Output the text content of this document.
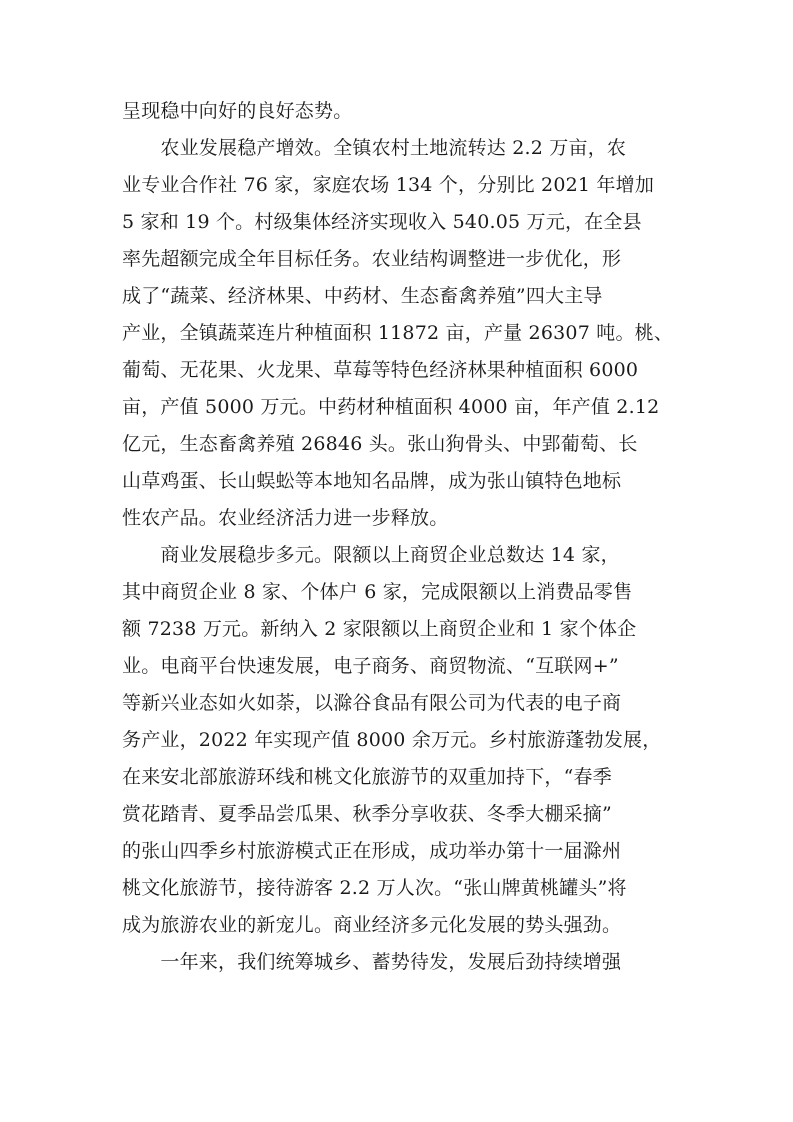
呈现稳中向好的良好态势。
　　农业发展稳产增效。全镇农村土地流转达 2.2 万亩，农
业专业合作社 76 家，家庭农场 134 个，分别比 2021 年增加
5 家和 19 个。村级集体经济实现收入 540.05 万元，在全县
率先超额完成全年目标任务。农业结构调整进一步优化，形
成了“蔬菜、经济林果、中药材、生态畜禽养殖”四大主导
产业，全镇蔬菜连片种植面积 11872 亩，产量 26307 吨。桃、
葡萄、无花果、火龙果、草莓等特色经济林果种植面积 6000
亩，产值 5000 万元。中药材种植面积 4000 亩，年产值 2.12
亿元，生态畜禽养殖 26846 头。张山狗骨头、中郢葡萄、长
山草鸡蛋、长山蜈蚣等本地知名品牌，成为张山镇特色地标
性农产品。农业经济活力进一步释放。
　　商业发展稳步多元。限额以上商贸企业总数达 14 家，
其中商贸企业 8 家、个体户 6 家，完成限额以上消费品零售
额 7238 万元。新纳入 2 家限额以上商贸企业和 1 家个体企
业。电商平台快速发展，电子商务、商贸物流、“互联网+”
等新兴业态如火如荼，以滁谷食品有限公司为代表的电子商
务产业，2022 年实现产值 8000 余万元。乡村旅游蓬勃发展，
在来安北部旅游环线和桃文化旅游节的双重加持下，“春季
赏花踏青、夏季品尝瓜果、秋季分享收获、冬季大棚采摘”
的张山四季乡村旅游模式正在形成，成功举办第十一届滁州
桃文化旅游节，接待游客 2.2 万人次。“张山牌黄桃罐头”将
成为旅游农业的新宠儿。商业经济多元化发展的势头强劲。
　　一年来，我们统筹城乡、蓄势待发，发展后劲持续增强
